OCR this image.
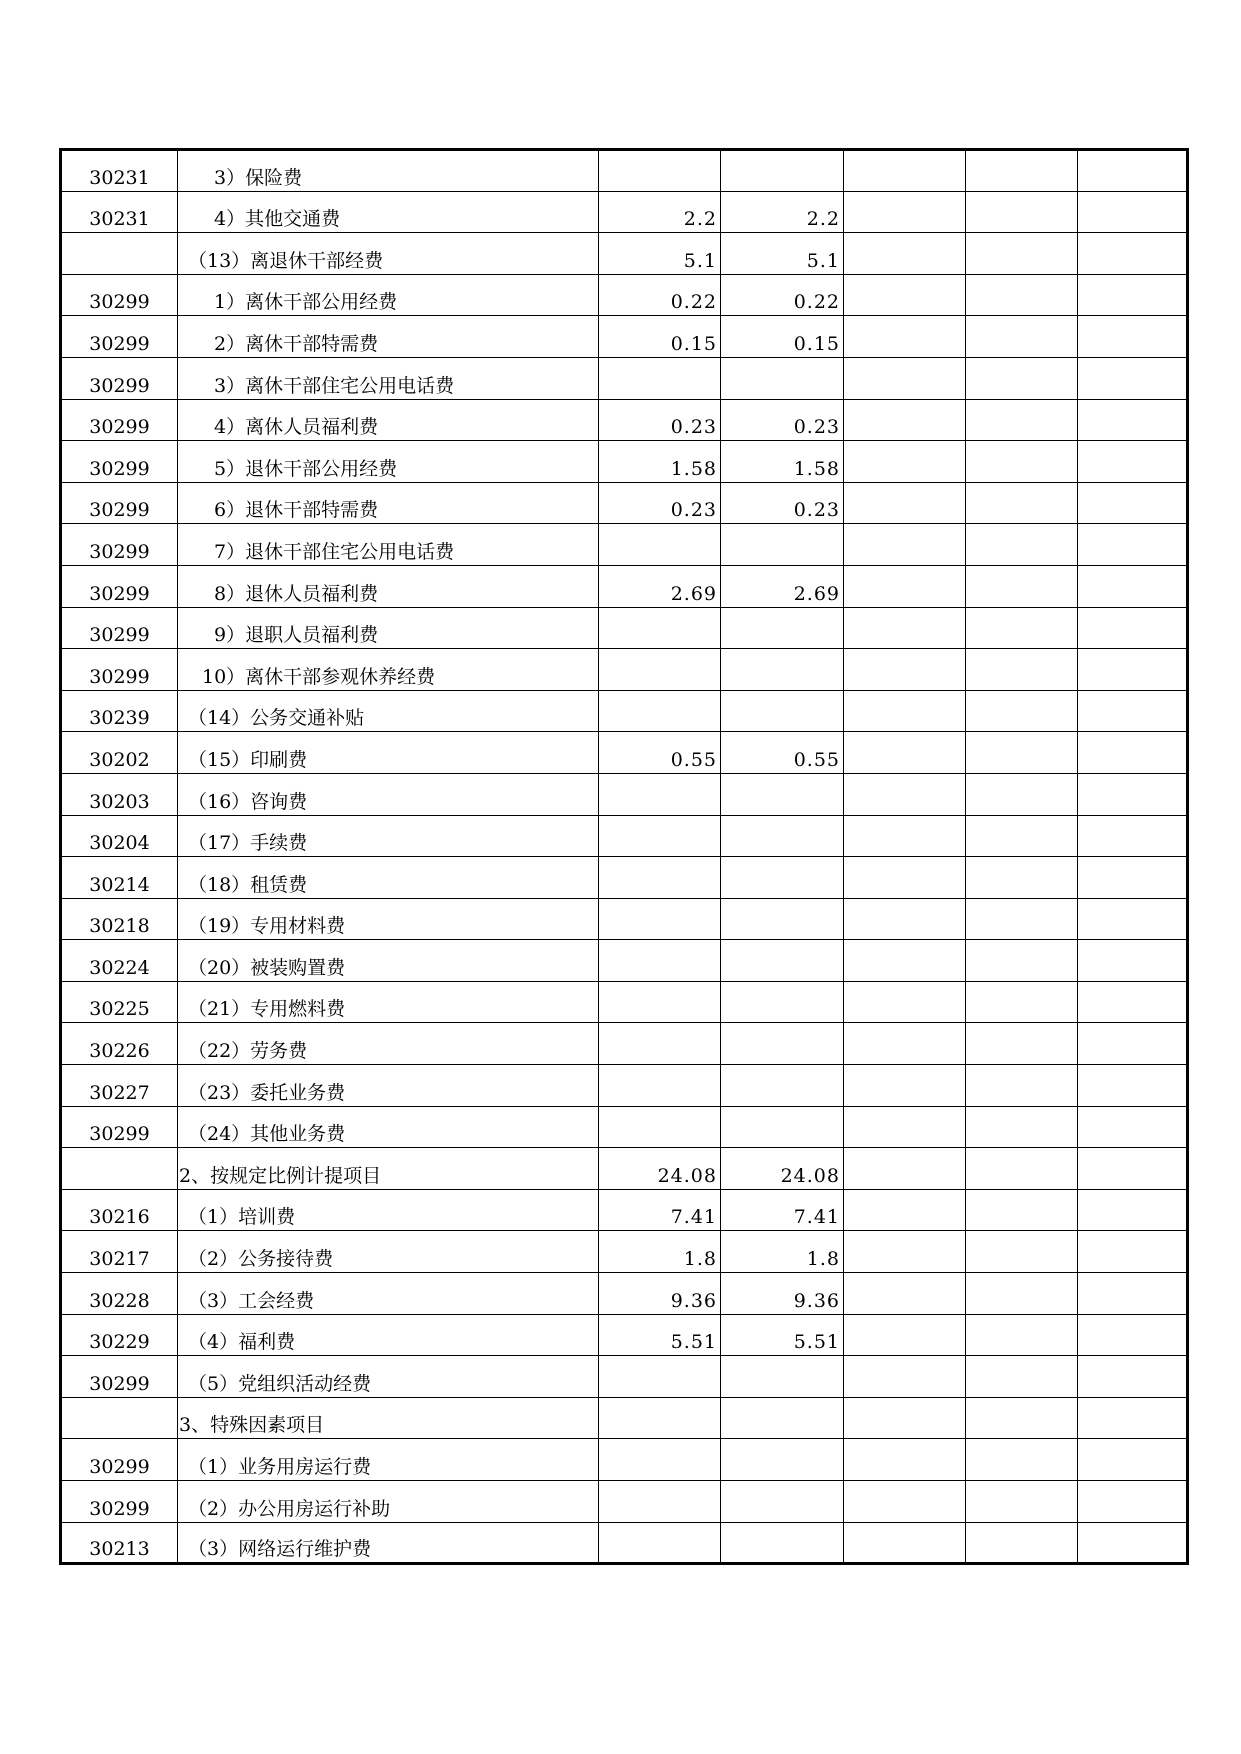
30231	3）保险费					
30231	4）其他交通费	2.2	2.2			
	（13）离退休干部经费	5.1	5.1			
30299	1）离休干部公用经费	0.22	0.22			
30299	2）离休干部特需费	0.15	0.15			
30299	3）离休干部住宅公用电话费					
30299	4）离休人员福利费	0.23	0.23			
30299	5）退休干部公用经费	1.58	1.58			
30299	6）退休干部特需费	0.23	0.23			
30299	7）退休干部住宅公用电话费					
30299	8）退休人员福利费	2.69	2.69			
30299	9）退职人员福利费					
30299	10）离休干部参观休养经费					
30239	（14）公务交通补贴					
30202	（15）印刷费	0.55	0.55			
30203	（16）咨询费					
30204	（17）手续费					
30214	（18）租赁费					
30218	（19）专用材料费					
30224	（20）被装购置费					
30225	（21）专用燃料费					
30226	（22）劳务费					
30227	（23）委托业务费					
30299	（24）其他业务费					
	2、按规定比例计提项目	24.08	24.08			
30216	（1）培训费	7.41	7.41			
30217	（2）公务接待费	1.8	1.8			
30228	（3）工会经费	9.36	9.36			
30229	（4）福利费	5.51	5.51			
30299	（5）党组织活动经费					
	3、特殊因素项目					
30299	（1）业务用房运行费					
30299	（2）办公用房运行补助					
30213	（3）网络运行维护费					
